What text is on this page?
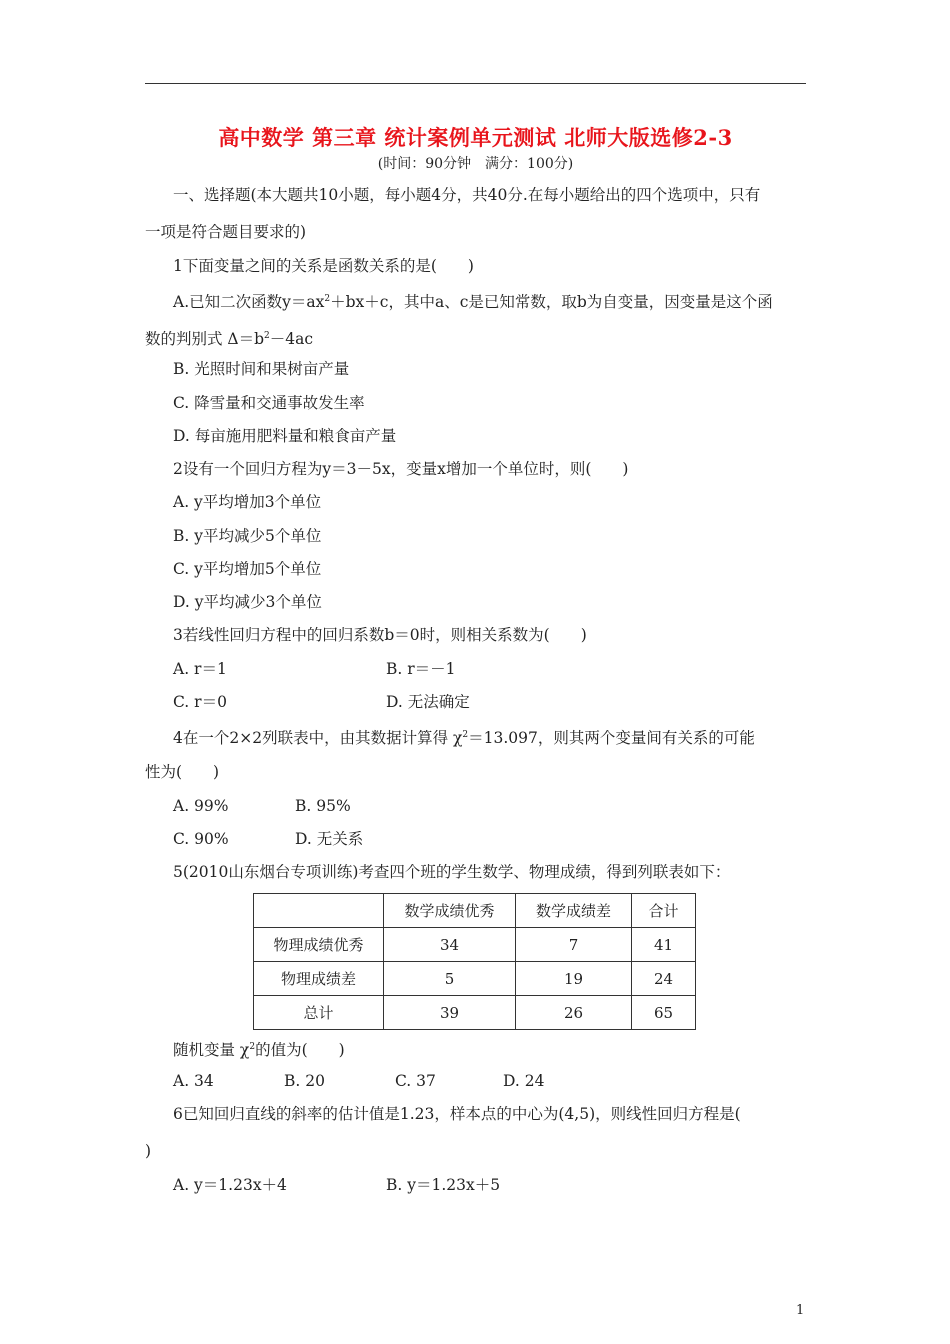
高中数学 第三章 统计案例单元测试 北师大版选修2-3
(时间：90分钟　满分：100分)
一、选择题(本大题共10小题，每小题4分，共40分.在每小题给出的四个选项中，只有
一项是符合题目要求的)
1下面变量之间的关系是函数关系的是(　　)
A.已知二次函数$y=ax^2+bx+c$，其中a、c是已知常数，取b为自变量，因变量是这个函
数的判别式 $\Delta=b^2-4ac$
B. 光照时间和果树亩产量
C. 降雪量和交通事故发生率
D. 每亩施用肥料量和粮食亩产量
2设有一个回归方程为y＝3－5x，变量x增加一个单位时，则(　　)
A. y平均增加3个单位
B. y平均减少5个单位
C. y平均增加5个单位
D. y平均减少3个单位
3若线性回归方程中的回归系数b＝0时，则相关系数为(　　)
A. r＝1	B. r＝－1
C. r＝0	D. 无法确定
4在一个2×2列联表中，由其数据计算得 $\chi^2=13.097$，则其两个变量间有关系的可能
性为(　　)
A. 99%	B. 95%
C. 90%	D. 无关系
5(2010山东烟台专项训练)考查四个班的学生数学、物理成绩，得到列联表如下：
	数学成绩优秀	数学成绩差	合计
物理成绩优秀	34	7	41
物理成绩差	5	19	24
总计	39	26	65
随机变量 $\chi^2$的值为(　　)
A. 34	B. 20	C. 37	D. 24
6已知回归直线的斜率的估计值是1.23，样本点的中心为(4,5)，则线性回归方程是(
)
A. y＝1.23x＋4	B. y＝1.23x＋5
1
